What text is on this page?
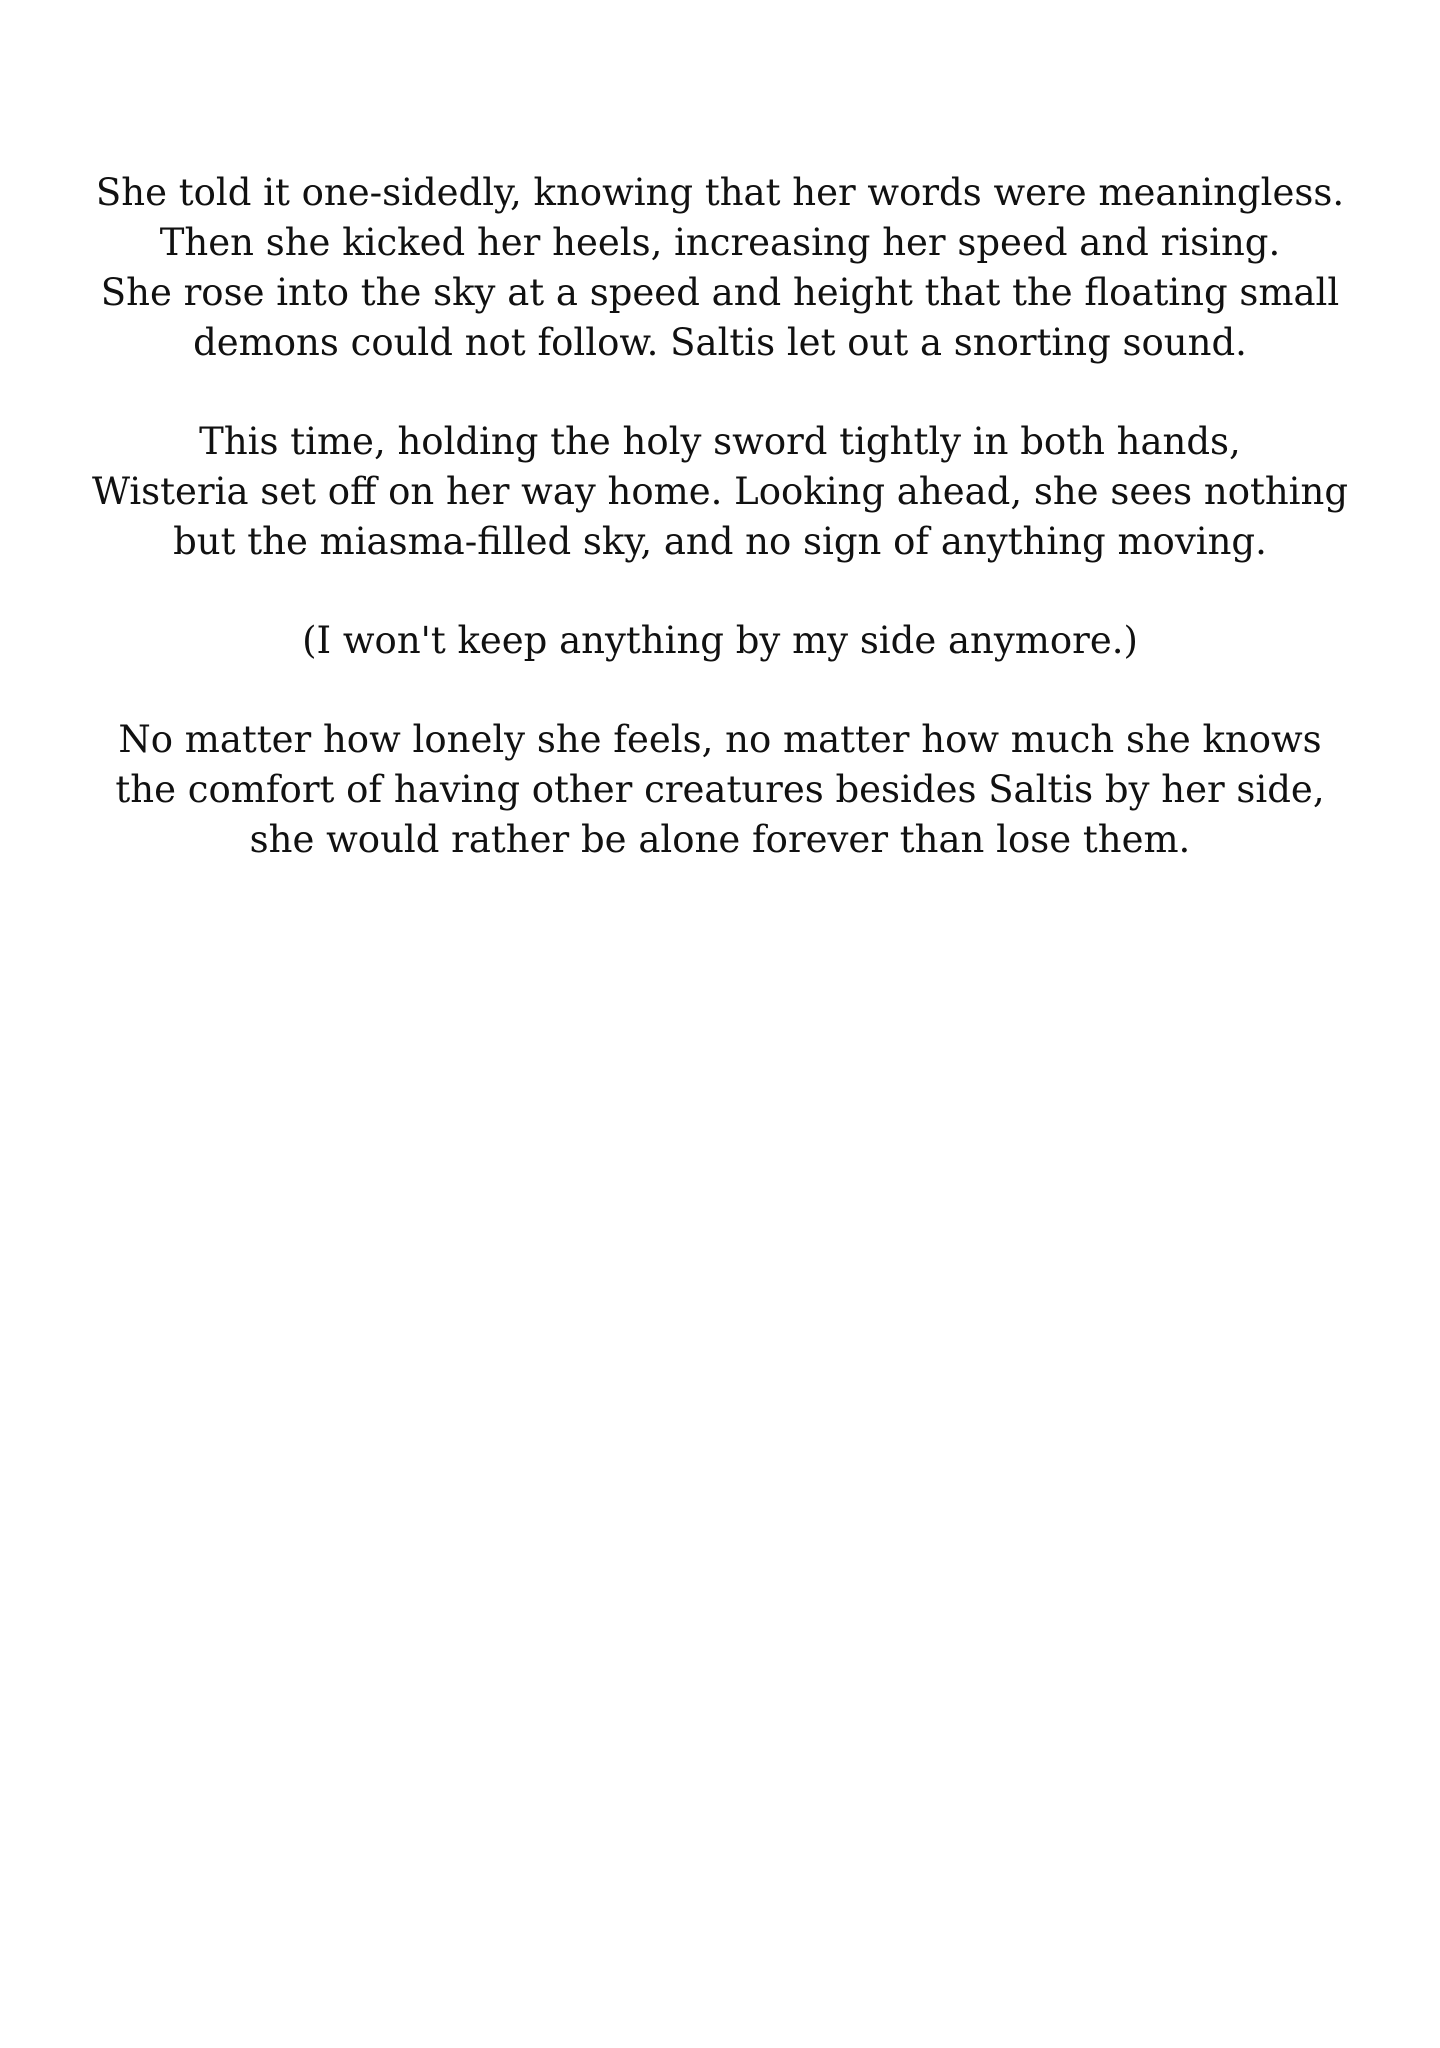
She told it one-sidedly, knowing that her words were meaningless.
Then she kicked her heels, increasing her speed and rising.
She rose into the sky at a speed and height that the floating small
demons could not follow. Saltis let out a snorting sound.

This time, holding the holy sword tightly in both hands,
Wisteria set off on her way home. Looking ahead, she sees nothing
but the miasma-filled sky, and no sign of anything moving.

(I won't keep anything by my side anymore.)

No matter how lonely she feels, no matter how much she knows
the comfort of having other creatures besides Saltis by her side,
she would rather be alone forever than lose them.
